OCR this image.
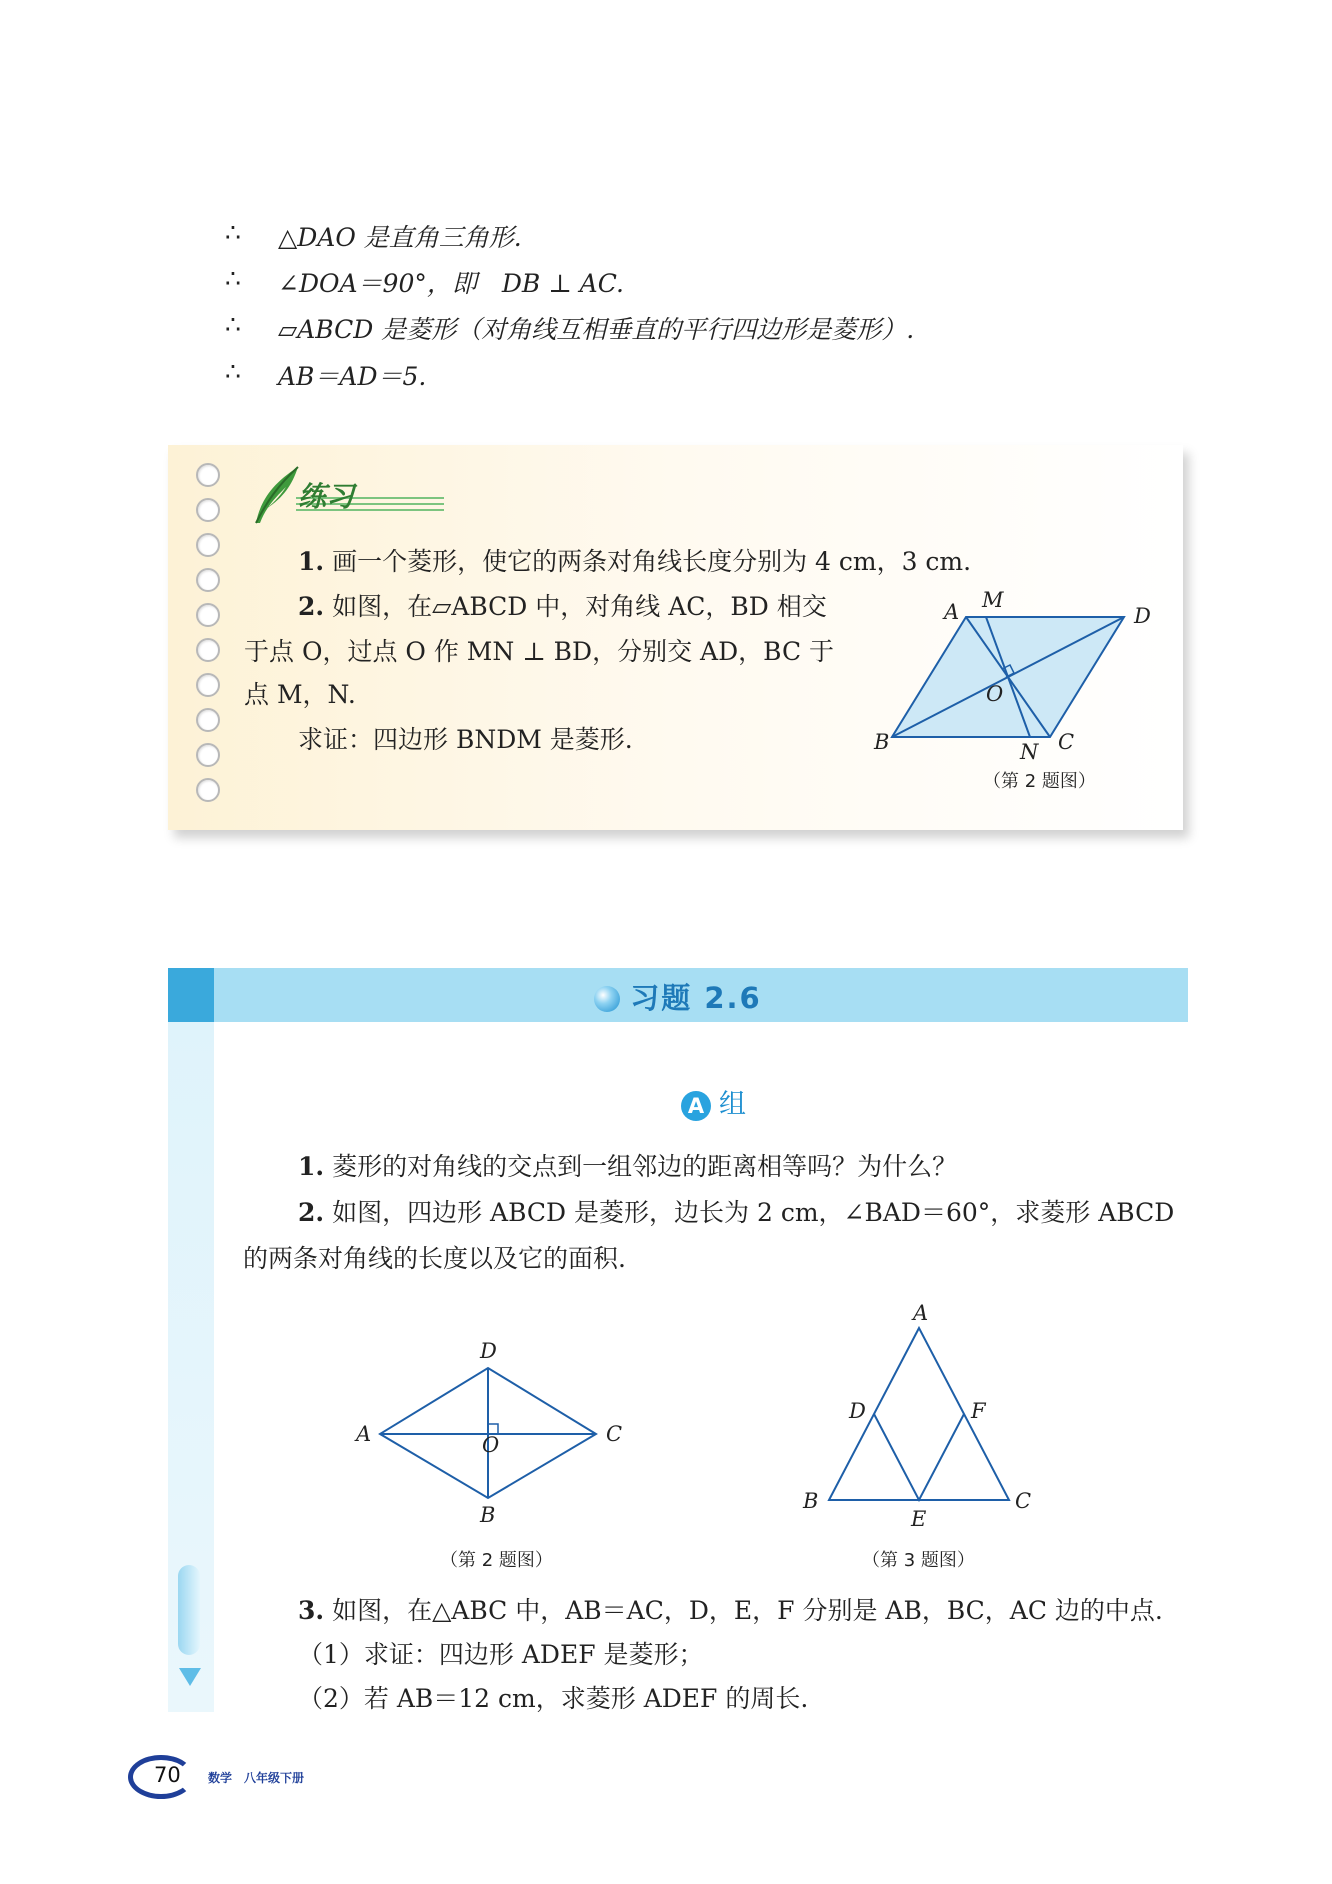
∴ △DAO 是直角三角形.
∴ ∠DOA＝90°，即　DB ⊥ AC.
∴ ▱ABCD 是菱形（对角线互相垂直的平行四边形是菱形）.
∴ AB＝AD＝5.
练习
1. 画一个菱形，使它的两条对角线长度分别为 4 cm，3 cm.
2. 如图，在▱ABCD 中，对角线 AC，BD 相交
于点 O，过点 O 作 MN ⊥ BD，分别交 AD，BC 于
点 M，N.
求证：四边形 BNDM 是菱形.
A M
D
O
B	N C
（第 2 题图）
习题 2.6
A 组
1. 菱形的对角线的交点到一组邻边的距离相等吗？为什么？
2. 如图，四边形 ABCD 是菱形，边长为 2 cm，∠BAD＝60°，求菱形 ABCD
的两条对角线的长度以及它的面积.
A
D
C
O
B
（第 2 题图）
A
D	F
B	C
E
（第 3 题图）
3. 如图，在△ABC 中，AB＝AC，D，E，F 分别是 AB，BC，AC 边的中点.
（1）求证：四边形 ADEF 是菱形；
（2）若 AB＝12 cm，求菱形 ADEF 的周长.
70 数学　八年级下册
